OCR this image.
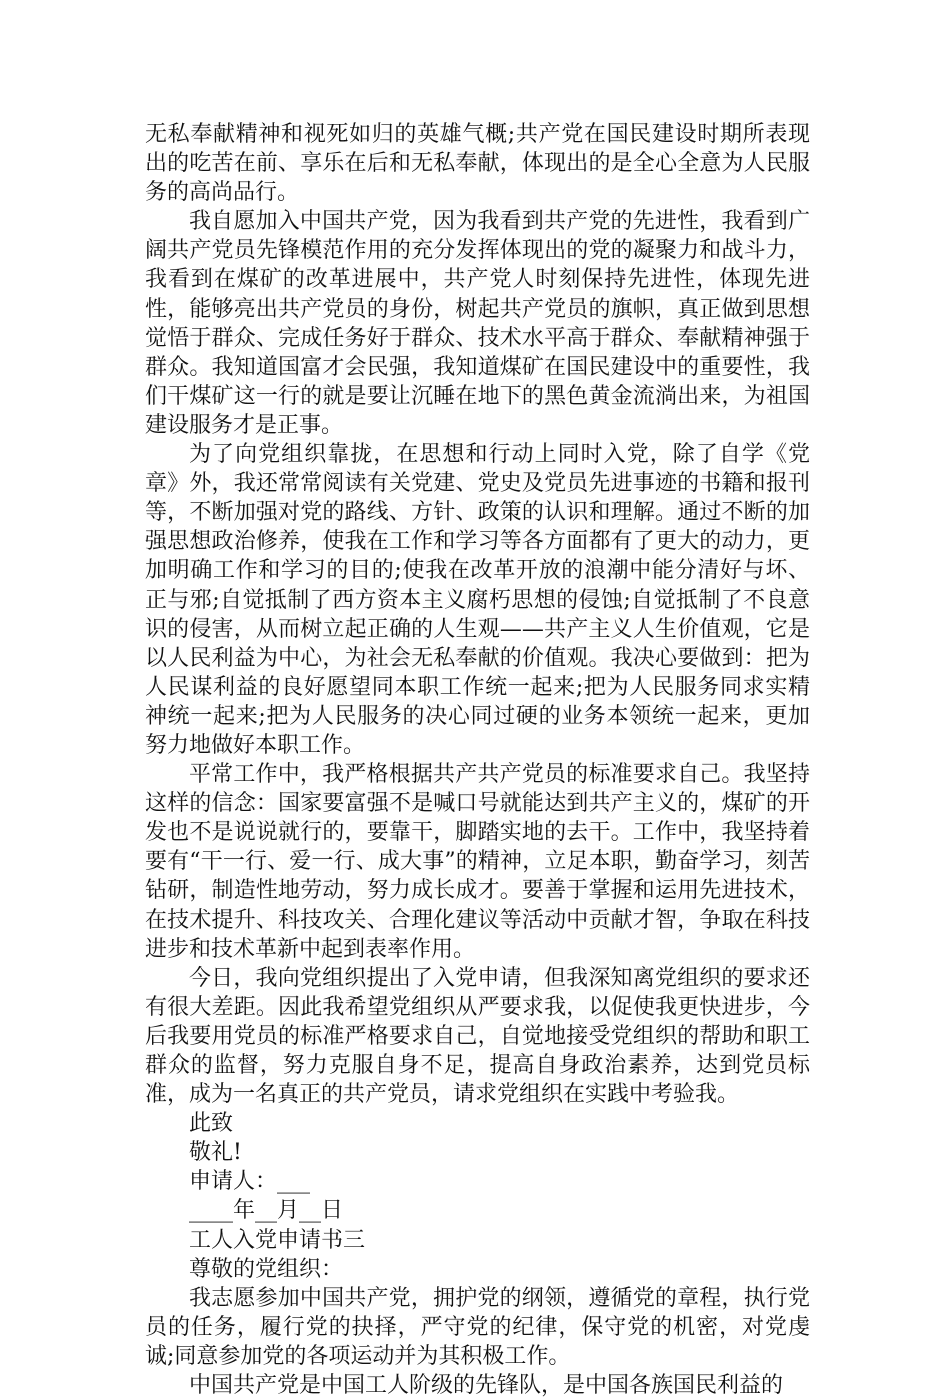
无私奉献精神和视死如归的英雄气概;共产党在国民建设时期所表现出的吃苦在前、享乐在后和无私奉献，体现出的是全心全意为人民服务的高尚品行。

我自愿加入中国共产党，因为我看到共产党的先进性，我看到广阔共产党员先锋模范作用的充分发挥体现出的党的凝聚力和战斗力，我看到在煤矿的改革进展中，共产党人时刻保持先进性，体现先进性，能够亮出共产党员的身份，树起共产党员的旗帜，真正做到思想觉悟于群众、完成任务好于群众、技术水平高于群众、奉献精神强于群众。我知道国富才会民强，我知道煤矿在国民建设中的重要性，我们干煤矿这一行的就是要让沉睡在地下的黑色黄金流淌出来，为祖国建设服务才是正事。

为了向党组织靠拢，在思想和行动上同时入党，除了自学《党章》外，我还常常阅读有关党建、党史及党员先进事迹的书籍和报刊等，不断加强对党的路线、方针、政策的认识和理解。通过不断的加强思想政治修养，使我在工作和学习等各方面都有了更大的动力，更加明确工作和学习的目的;使我在改革开放的浪潮中能分清好与坏、正与邪;自觉抵制了西方资本主义腐朽思想的侵蚀;自觉抵制了不良意识的侵害，从而树立起正确的人生观——共产主义人生价值观，它是以人民利益为中心，为社会无私奉献的价值观。我决心要做到：把为人民谋利益的良好愿望同本职工作统一起来;把为人民服务同求实精神统一起来;把为人民服务的决心同过硬的业务本领统一起来，更加努力地做好本职工作。

平常工作中，我严格根据共产共产党员的标准要求自己。我坚持这样的信念：国家要富强不是喊口号就能达到共产主义的，煤矿的开发也不是说说就行的，要靠干，脚踏实地的去干。工作中，我坚持着要有“干一行、爱一行、成大事”的精神，立足本职，勤奋学习，刻苦钻研，制造性地劳动，努力成长成才。要善于掌握和运用先进技术，在技术提升、科技攻关、合理化建议等活动中贡献才智，争取在科技进步和技术革新中起到表率作用。

今日，我向党组织提出了入党申请，但我深知离党组织的要求还有很大差距。因此我希望党组织从严要求我，以促使我更快进步，今后我要用党员的标准严格要求自己，自觉地接受党组织的帮助和职工群众的监督，努力克服自身不足，提高自身政治素养，达到党员标准，成为一名真正的共产党员，请求党组织在实践中考验我。

此致

敬礼!

申请人：___

____年__月__日

工人入党申请书三

尊敬的党组织：

我志愿参加中国共产党，拥护党的纲领，遵循党的章程，执行党员的任务，履行党的抉择，严守党的纪律，保守党的机密，对党虔诚;同意参加党的各项运动并为其积极工作。

中国共产党是中国工人阶级的先锋队，是中国各族国民利益的
